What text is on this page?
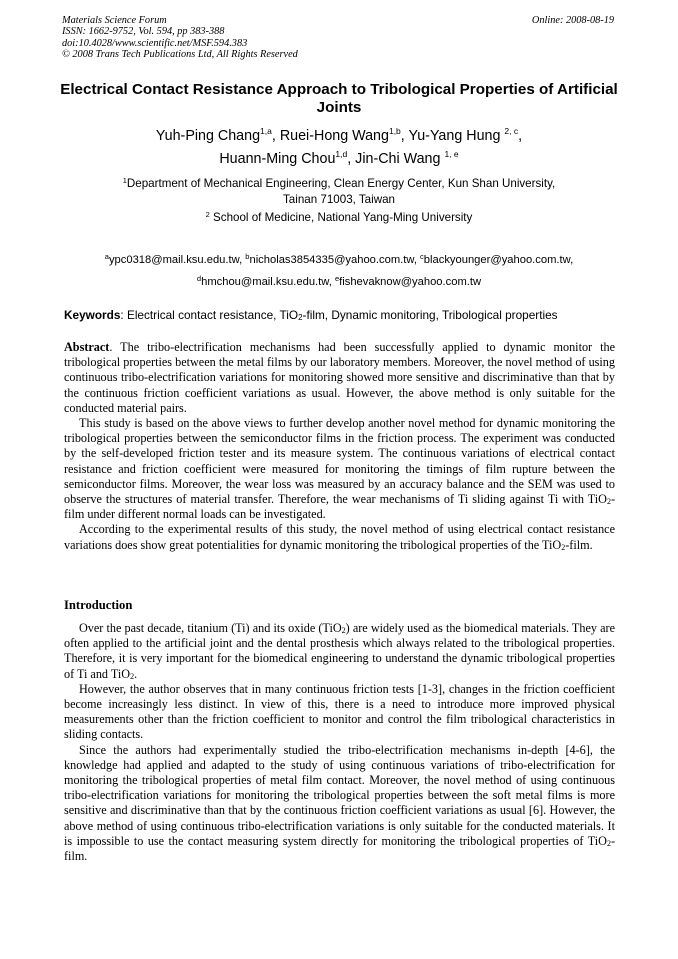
Materials Science Forum
ISSN: 1662-9752, Vol. 594, pp 383-388
doi:10.4028/www.scientific.net/MSF.594.383
© 2008 Trans Tech Publications Ltd, All Rights Reserved
Online: 2008-08-19
Electrical Contact Resistance Approach to Tribological Properties of Artificial Joints
Yuh-Ping Chang$^{1,a}$, Ruei-Hong Wang$^{1,b}$, Yu-Yang Hung $^{2, c}$,
Huann-Ming Chou$^{1,d}$, Jin-Chi Wang $^{1, e}$
$^1$Department of Mechanical Engineering, Clean Energy Center, Kun Shan University,
Tainan 71003, Taiwan
$^2$ School of Medicine, National Yang-Ming University
$^a$ypc0318@mail.ksu.edu.tw, $^b$nicholas3854335@yahoo.com.tw, $^c$blackyounger@yahoo.com.tw,
$^d$hmchou@mail.ksu.edu.tw, $^e$fishevaknow@yahoo.com.tw
Keywords: Electrical contact resistance, TiO$_2$-film, Dynamic monitoring, Tribological properties

Abstract. The tribo-electrification mechanisms had been successfully applied to dynamic monitor the tribological properties between the metal films by our laboratory members. Moreover, the novel method of using continuous tribo-electrification variations for monitoring showed more sensitive and discriminative than that by the continuous friction coefficient variations as usual. However, the above method is only suitable for the conducted material pairs.

This study is based on the above views to further develop another novel method for dynamic monitoring the tribological properties between the semiconductor films in the friction process. The experiment was conducted by the self-developed friction tester and its measure system. The continuous variations of electrical contact resistance and friction coefficient were measured for monitoring the timings of film rupture between the semiconductor films. Moreover, the wear loss was measured by an accuracy balance and the SEM was used to observe the structures of material transfer. Therefore, the wear mechanisms of Ti sliding against Ti with TiO$_2$-film under different normal loads can be investigated.

According to the experimental results of this study, the novel method of using electrical contact resistance variations does show great potentialities for dynamic monitoring the tribological properties of the TiO$_2$-film.

Introduction

Over the past decade, titanium (Ti) and its oxide (TiO$_2$) are widely used as the biomedical materials. They are often applied to the artificial joint and the dental prosthesis which always related to the tribological properties. Therefore, it is very important for the biomedical engineering to understand the dynamic tribological properties of Ti and TiO$_2$.

However, the author observes that in many continuous friction tests [1-3], changes in the friction coefficient become increasingly less distinct. In view of this, there is a need to introduce more improved physical measurements other than the friction coefficient to monitor and control the film tribological characteristics in sliding contacts.

Since the authors had experimentally studied the tribo-electrification mechanisms in-depth [4-6], the knowledge had applied and adapted to the study of using continuous variations of tribo-electrification for monitoring the tribological properties of metal film contact. Moreover, the novel method of using continuous tribo-electrification variations for monitoring the tribological properties between the soft metal films is more sensitive and discriminative than that by the continuous friction coefficient variations as usual [6]. However, the above method of using continuous tribo-electrification variations is only suitable for the conducted materials. It is impossible to use the contact measuring system directly for monitoring the tribological properties of TiO$_2$-film.
